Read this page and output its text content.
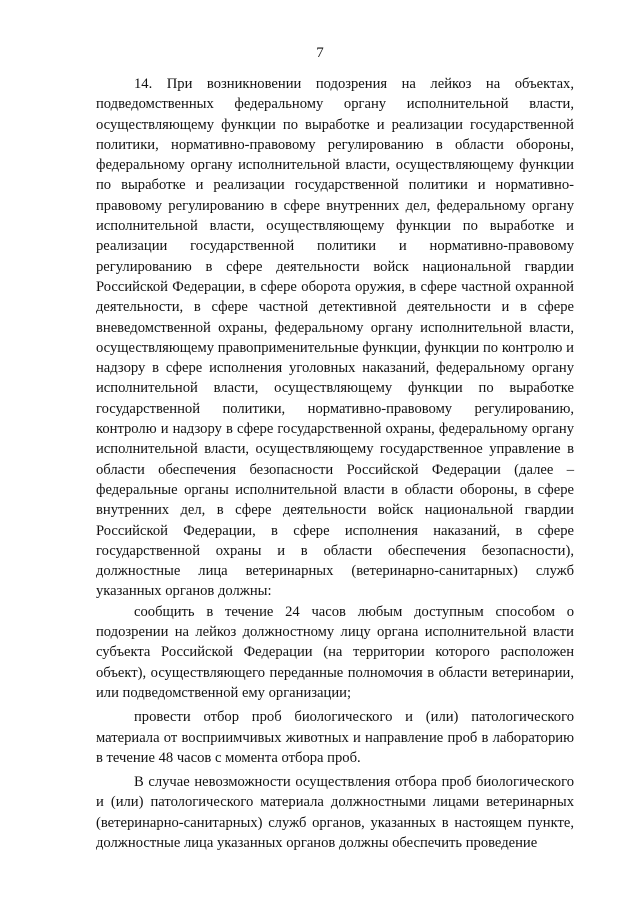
7

14. При возникновении подозрения на лейкоз на объектах, подведомственных федеральному органу исполнительной власти, осуществляющему функции по выработке и реализации государственной политики, нормативно-правовому регулированию в области обороны, федеральному органу исполнительной власти, осуществляющему функции по выработке и реализации государственной политики и нормативно-правовому регулированию в сфере внутренних дел, федеральному органу исполнительной власти, осуществляющему функции по выработке и реализации государственной политики и нормативно-правовому регулированию в сфере деятельности войск национальной гвардии Российской Федерации, в сфере оборота оружия, в сфере частной охранной деятельности, в сфере частной детективной деятельности и в сфере вневедомственной охраны, федеральному органу исполнительной власти, осуществляющему правоприменительные функции, функции по контролю и надзору в сфере исполнения уголовных наказаний, федеральному органу исполнительной власти, осуществляющему функции по выработке государственной политики, нормативно-правовому регулированию, контролю и надзору в сфере государственной охраны, федеральному органу исполнительной власти, осуществляющему государственное управление в области обеспечения безопасности Российской Федерации (далее – федеральные органы исполнительной власти в области обороны, в сфере внутренних дел, в сфере деятельности войск национальной гвардии Российской Федерации, в сфере исполнения наказаний, в сфере государственной охраны и в области обеспечения безопасности), должностные лица ветеринарных (ветеринарно-санитарных) служб указанных органов должны:

сообщить в течение 24 часов любым доступным способом о подозрении на лейкоз должностному лицу органа исполнительной власти субъекта Российской Федерации (на территории которого расположен объект), осуществляющего переданные полномочия в области ветеринарии, или подведомственной ему организации;

провести отбор проб биологического и (или) патологического материала от восприимчивых животных и направление проб в лабораторию в течение 48 часов с момента отбора проб.

В случае невозможности осуществления отбора проб биологического и (или) патологического материала должностными лицами ветеринарных (ветеринарно-санитарных) служб органов, указанных в настоящем пункте, должностные лица указанных органов должны обеспечить проведение
